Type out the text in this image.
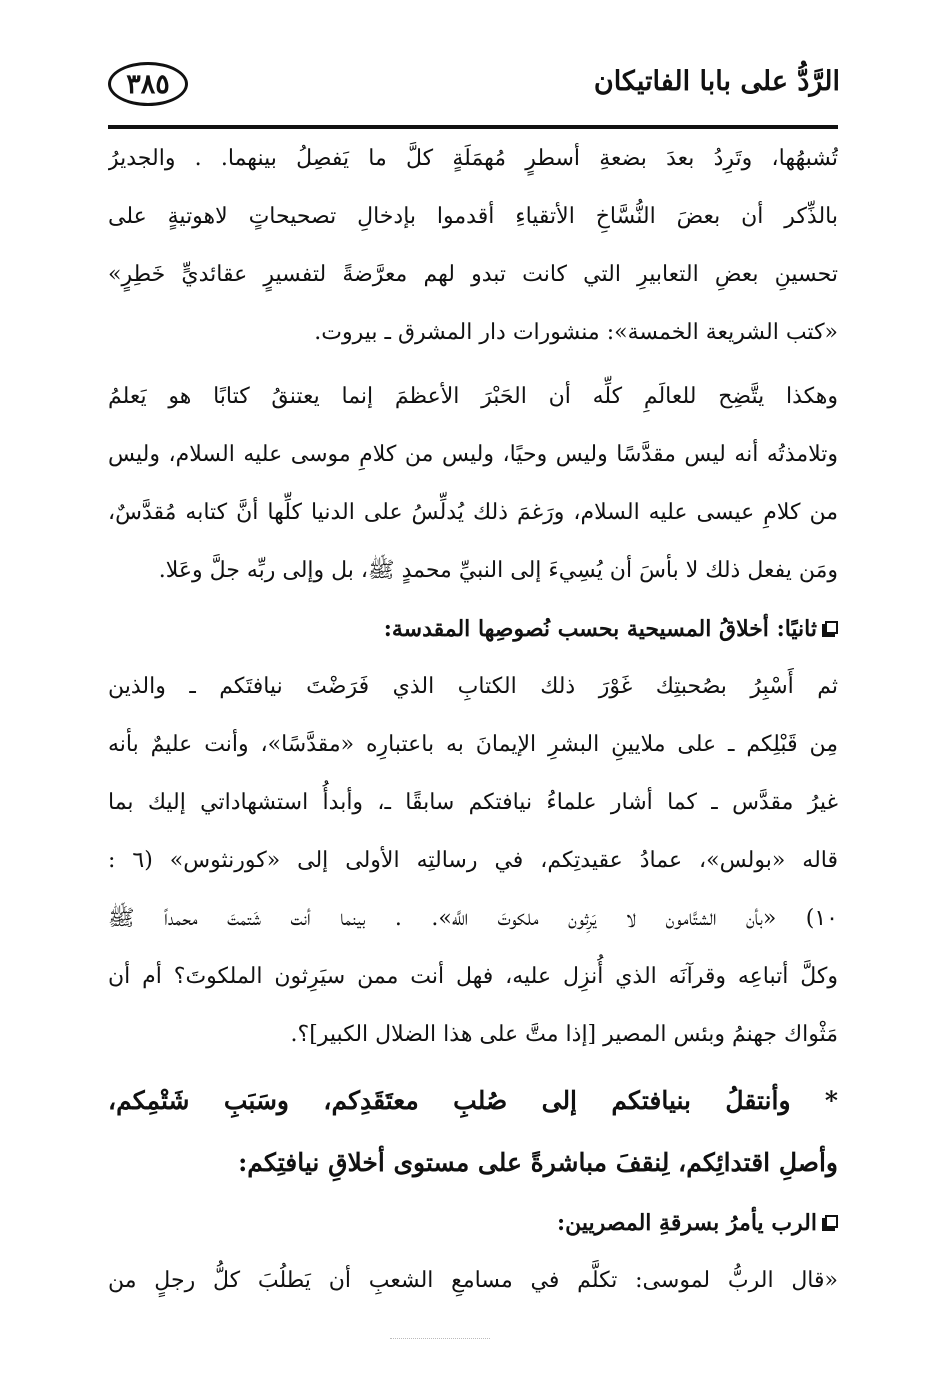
٣٨٥	الرَّدُّ على بابا الفاتيكان
تُشبهُها، وتَرِدُ بعدَ بضعةِ أسطرٍ مُهمَلَةٍ كلَّ ما يَفصِلُ بينهما. . والجديرُ
بالذِّكر أن بعضَ النُّسَّاخِ الأتقياءِ أقدموا بإدخالِ تصحيحاتٍ لاهوتيةٍ على
تحسينِ بعضِ التعابيرِ التي كانت تبدو لهم معرَّضةً لتفسيرٍ عقائديٍّ خَطِرٍ»
«كتب الشريعة الخمسة»: منشورات دار المشرق ـ بيروت.
وهكذا يتَّضِح للعالَمِ كلِّه أن الحَبْرَ الأعظمَ إنما يعتنقُ كتابًا هو يَعلمُ
وتلامذتُه أنه ليس مقدَّسًا وليس وحيًا، وليس من كلامِ موسى عليه السلام، وليس
من كلامِ عيسى عليه السلام، ورَغمَ ذلك يُدلِّسُ على الدنيا كلِّها أنَّ كتابه مُقدَّسٌ،
ومَن يفعل ذلك لا بأسَ أن يُسِيءَ إلى النبيِّ محمدٍ ﷺ، بل وإلى ربِّه جلَّ وعَلا.
ثانيًا: أخلاقُ المسيحية بحسب نُصوصِها المقدسة:
ثم أَسْبِرُ بصُحبتِك غَوْرَ ذلك الكتابِ الذي فَرَضْتَ نيافتَكم ـ والذين
مِن قَبْلِكم ـ على ملايينِ البشرِ الإيمانَ به باعتبارِه «مقدَّسًا»، وأنت عليمٌ بأنه
غيرُ مقدَّس ـ كما أشار علماءُ نيافتكم سابقًا ـ، وأبدأُ استشهاداتي إليك بما
قاله «بولس»، عمادُ عقيدتِكم، في رسالتِه الأولى إلى «كورنثوس» (٦ :
١٠) «بأن الشتَّامون لا يَرِثون ملكوتَ اللَّه». . بينما أنت شَتمتَ محمداً ﷺ
وكلَّ أتباعِه وقرآنَه الذي أُنزِل عليه، فهل أنت ممن سيَرِثون الملكوتَ؟ أم أن
مَثْواك جهنمُ وبئس المصير [إذا متَّ على هذا الضلال الكبير]؟.
* وأنتقلُ بنيافتكم إلى صُلبِ معتَقَدِكم، وسَبَبِ شَتْمِكم،
وأصلِ اقتدائِكم، لِنقفَ مباشرةً على مستوى أخلاقِ نيافتِكم:
الرب يأمرُ بسرقةِ المصريين:
«قال الربُّ لموسى: تكلَّم في مسامعِ الشعبِ أن يَطلُبَ كلُّ رجلٍ من
